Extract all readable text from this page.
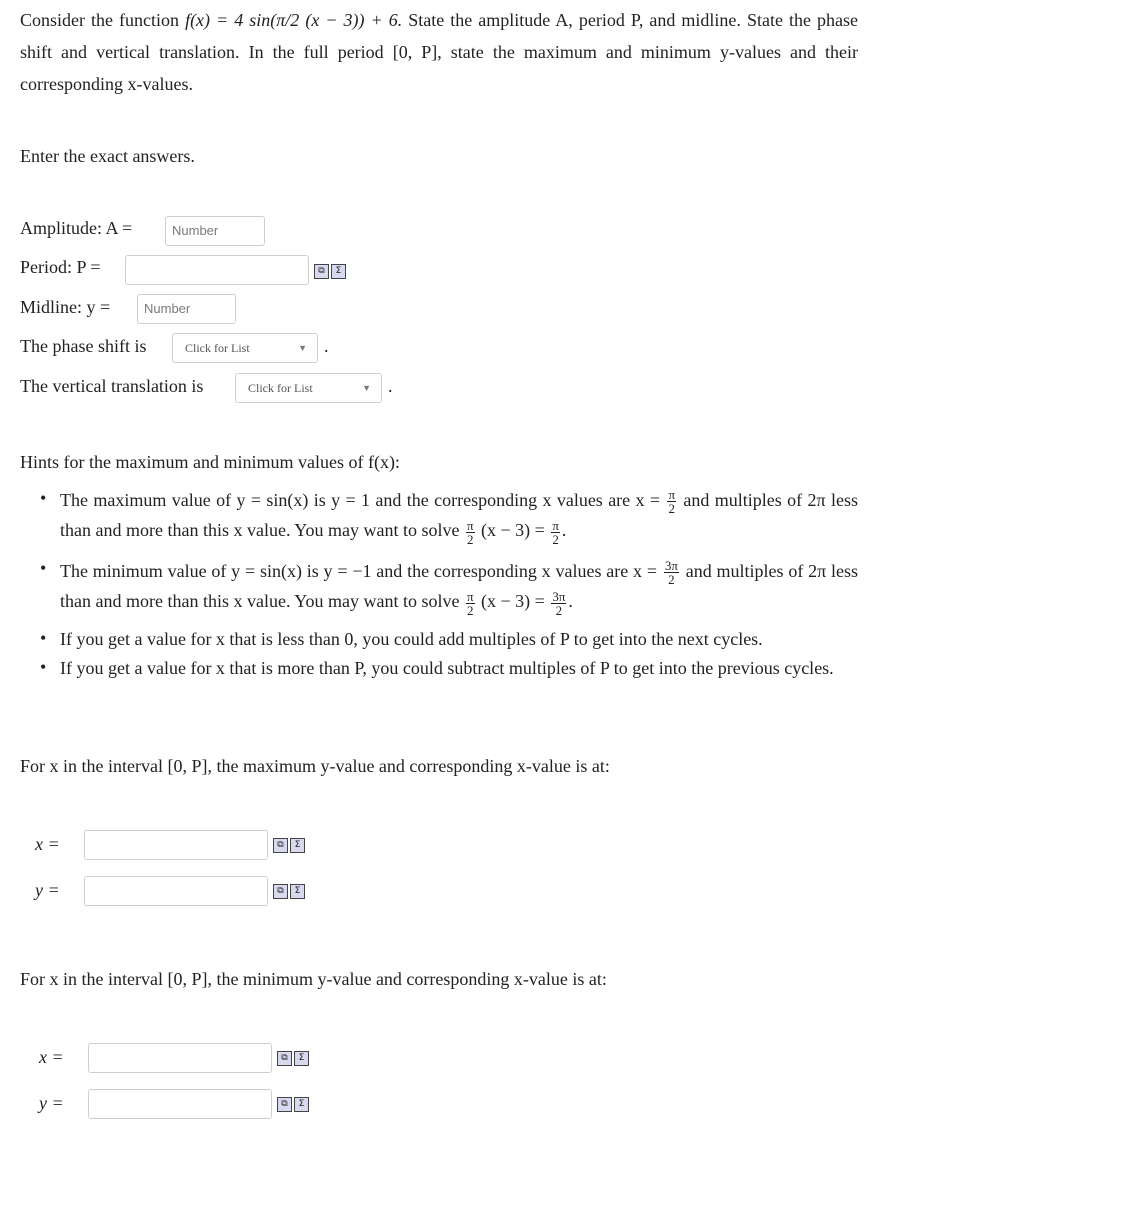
Consider the function f(x) = 4 sin(π/2 (x − 3)) + 6. State the amplitude A, period P, and midline. State the phase shift and vertical translation. In the full period [0, P], state the maximum and minimum y-values and their corresponding x-values.
Enter the exact answers.
Amplitude: A =	Number
Period: P =	⧉	Σ
Midline: y =	Number
The phase shift is	Click for List	▼ .
The vertical translation is	Click for List	▼ .
Hints for the maximum and minimum values of f(x):
• The maximum value of y = sin(x) is y = 1 and the corresponding x values are $x = \frac{\pi}{2}$ and multiples of 2π less than and more than this x value. You may want to solve $\frac{\pi}{2} (x - 3) = \frac{\pi}{2}$ .
• The minimum value of y = sin(x) is y = −1 and the corresponding x values are $x = \frac{3\pi}{2}$ and multiples of 2π less than and more than this x value. You may want to solve $\frac{\pi}{2} (x - 3) = \frac{3\pi}{2}$ .
• If you get a value for x that is less than 0, you could add multiples of P to get into the next cycles.
• If you get a value for x that is more than P, you could subtract multiples of P to get into the previous cycles.
For x in the interval [0, P], the maximum y-value and corresponding x-value is at:
x =	⧉	Σ
y =	⧉	Σ
For x in the interval [0, P], the minimum y-value and corresponding x-value is at:
x =	⧉	Σ
y =	⧉	Σ
